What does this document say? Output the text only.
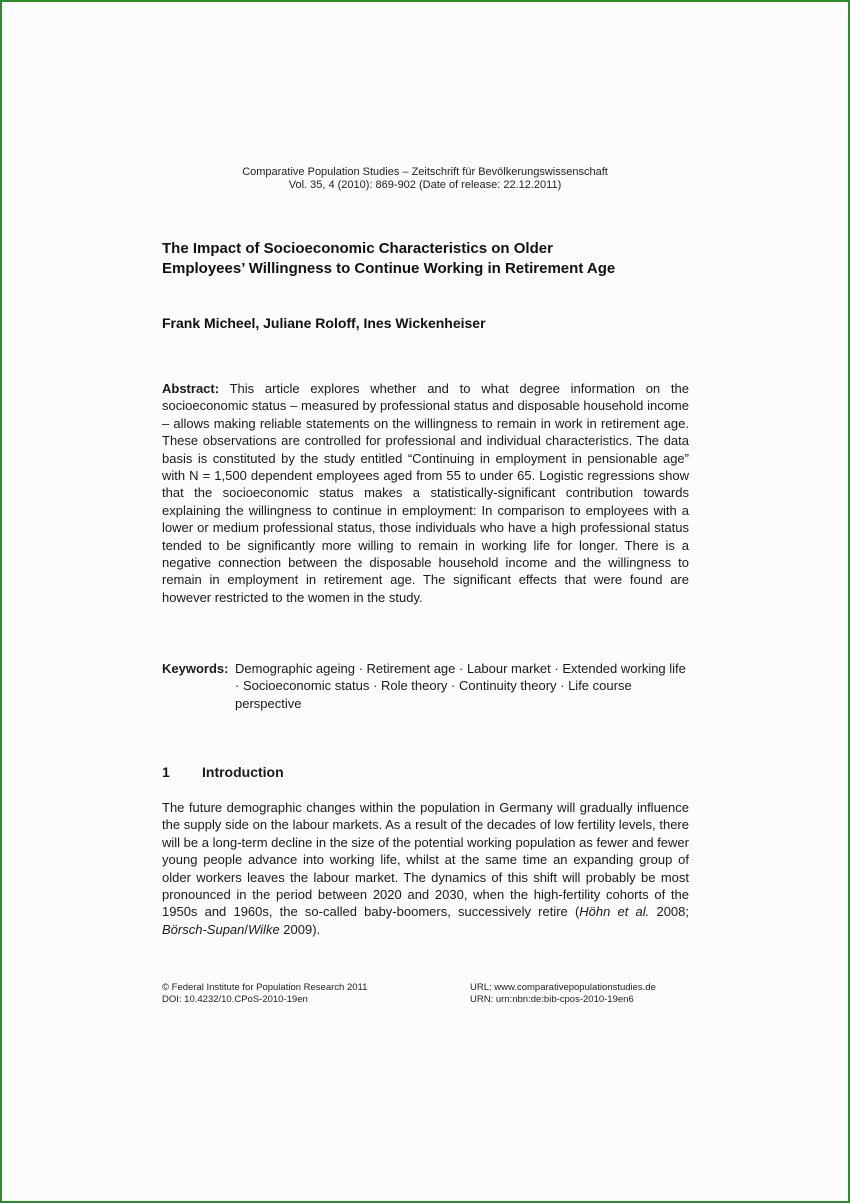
Comparative Population Studies – Zeitschrift für Bevölkerungswissenschaft
Vol. 35, 4 (2010): 869-902 (Date of release: 22.12.2011)
The Impact of Socioeconomic Characteristics on Older
Employees’ Willingness to Continue Working in Retirement Age
Frank Micheel, Juliane Roloff, Ines Wickenheiser
Abstract: This article explores whether and to what degree information on the socioeconomic status – measured by professional status and disposable household income – allows making reliable statements on the willingness to remain in work in retirement age. These observations are controlled for professional and individual characteristics. The data basis is constituted by the study entitled “Continuing in employment in pensionable age” with N = 1,500 dependent employees aged from 55 to under 65. Logistic regressions show that the socioeconomic status makes a statistically-significant contribution towards explaining the willingness to continue in employment: In comparison to employees with a lower or medium professional status, those individuals who have a high professional status tended to be significantly more willing to remain in working life for longer. There is a negative connection between the disposable household income and the willingness to remain in employment in retirement age. The significant effects that were found are however restricted to the women in the study.
Keywords: Demographic ageing · Retirement age · Labour market · Extended working life · Socioeconomic status · Role theory · Continuity theory · Life course perspective
1 Introduction
The future demographic changes within the population in Germany will gradually influence the supply side on the labour markets. As a result of the decades of low fertility levels, there will be a long-term decline in the size of the potential working population as fewer and fewer young people advance into working life, whilst at the same time an expanding group of older workers leaves the labour market. The dynamics of this shift will probably be most pronounced in the period between 2020 and 2030, when the high-fertility cohorts of the 1950s and 1960s, the so-called baby-boomers, successively retire (Höhn et al. 2008; Börsch-Supan/Wilke 2009).
© Federal Institute for Population Research 2011
DOI: 10.4232/10.CPoS-2010-19en
URL: www.comparativepopulationstudies.de
URN: urn:nbn:de:bib-cpos-2010-19en6
